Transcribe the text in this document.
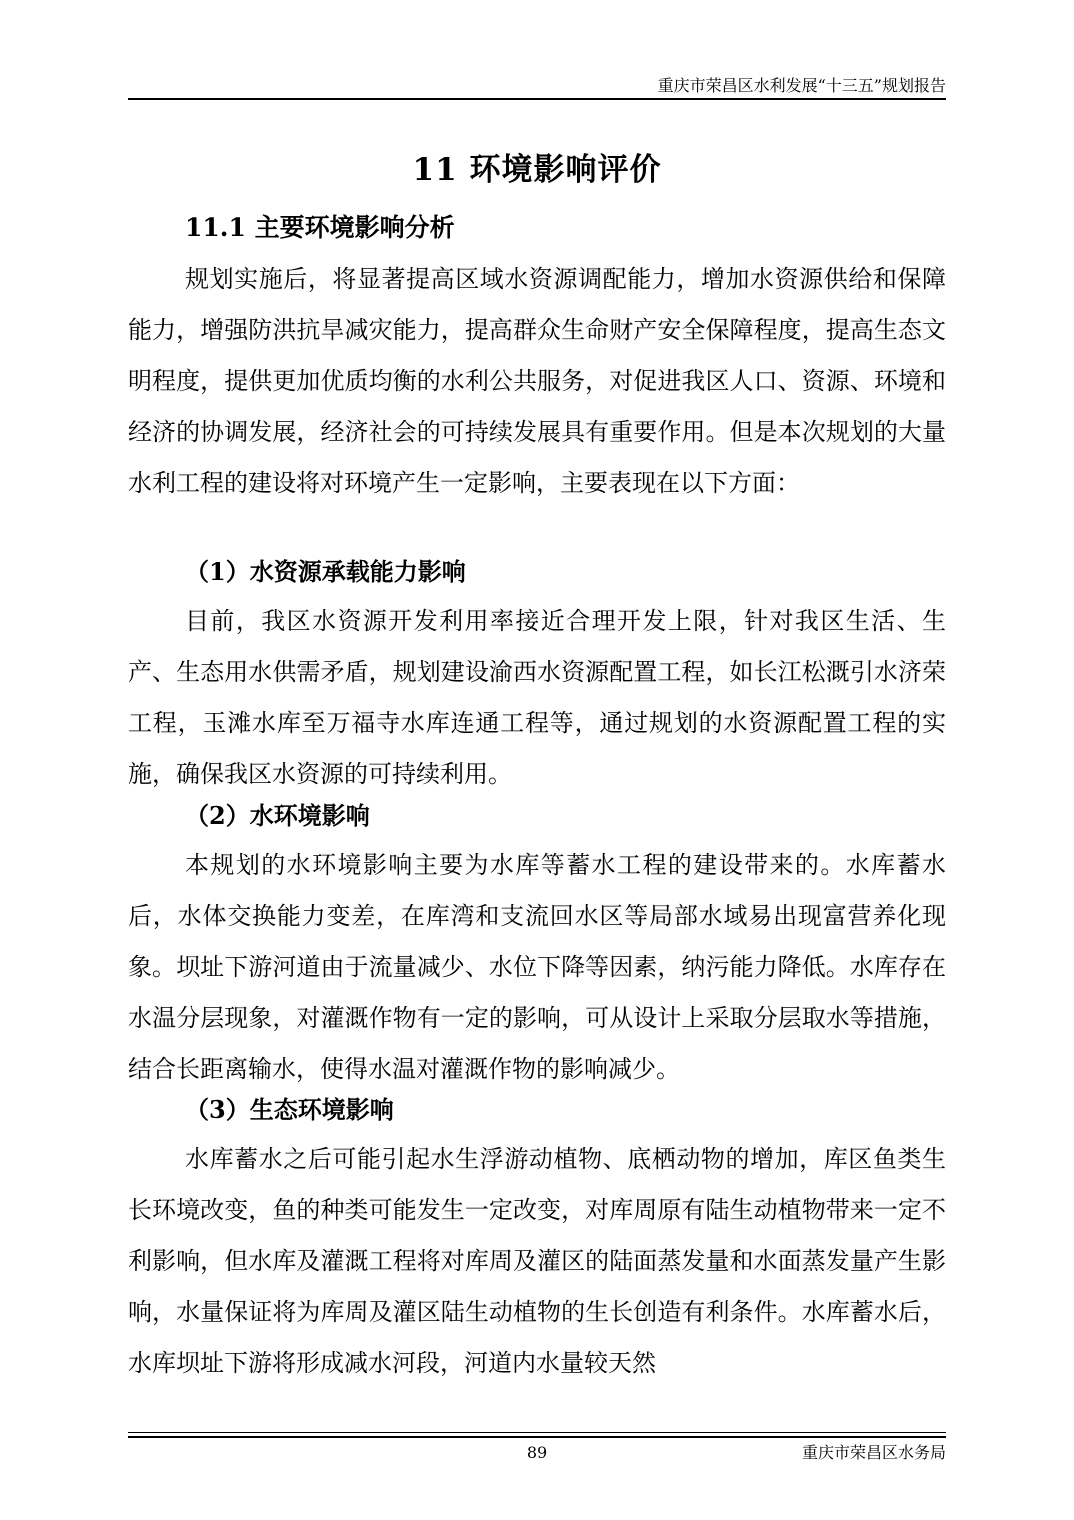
重庆市荣昌区水利发展“十三五”规划报告
11 环境影响评价
11.1 主要环境影响分析

规划实施后，将显著提高区域水资源调配能力，增加水资源供给和保障能力，增强防洪抗旱减灾能力，提高群众生命财产安全保障程度，提高生态文明程度，提供更加优质均衡的水利公共服务，对促进我区人口、资源、环境和经济的协调发展，经济社会的可持续发展具有重要作用。但是本次规划的大量水利工程的建设将对环境产生一定影响，主要表现在以下方面：

（1）水资源承载能力影响

目前，我区水资源开发利用率接近合理开发上限，针对我区生活、生产、生态用水供需矛盾，规划建设渝西水资源配置工程，如长江松溉引水济荣工程，玉滩水库至万福寺水库连通工程等，通过规划的水资源配置工程的实施，确保我区水资源的可持续利用。

（2）水环境影响

本规划的水环境影响主要为水库等蓄水工程的建设带来的。水库蓄水后，水体交换能力变差，在库湾和支流回水区等局部水域易出现富营养化现象。坝址下游河道由于流量减少、水位下降等因素，纳污能力降低。水库存在水温分层现象，对灌溉作物有一定的影响，可从设计上采取分层取水等措施，结合长距离输水，使得水温对灌溉作物的影响减少。

（3）生态环境影响

水库蓄水之后可能引起水生浮游动植物、底栖动物的增加，库区鱼类生长环境改变，鱼的种类可能发生一定改变，对库周原有陆生动植物带来一定不利影响，但水库及灌溉工程将对库周及灌区的陆面蒸发量和水面蒸发量产生影响，水量保证将为库周及灌区陆生动植物的生长创造有利条件。水库蓄水后，水库坝址下游将形成减水河段，河道内水量较天然

89	重庆市荣昌区水务局
